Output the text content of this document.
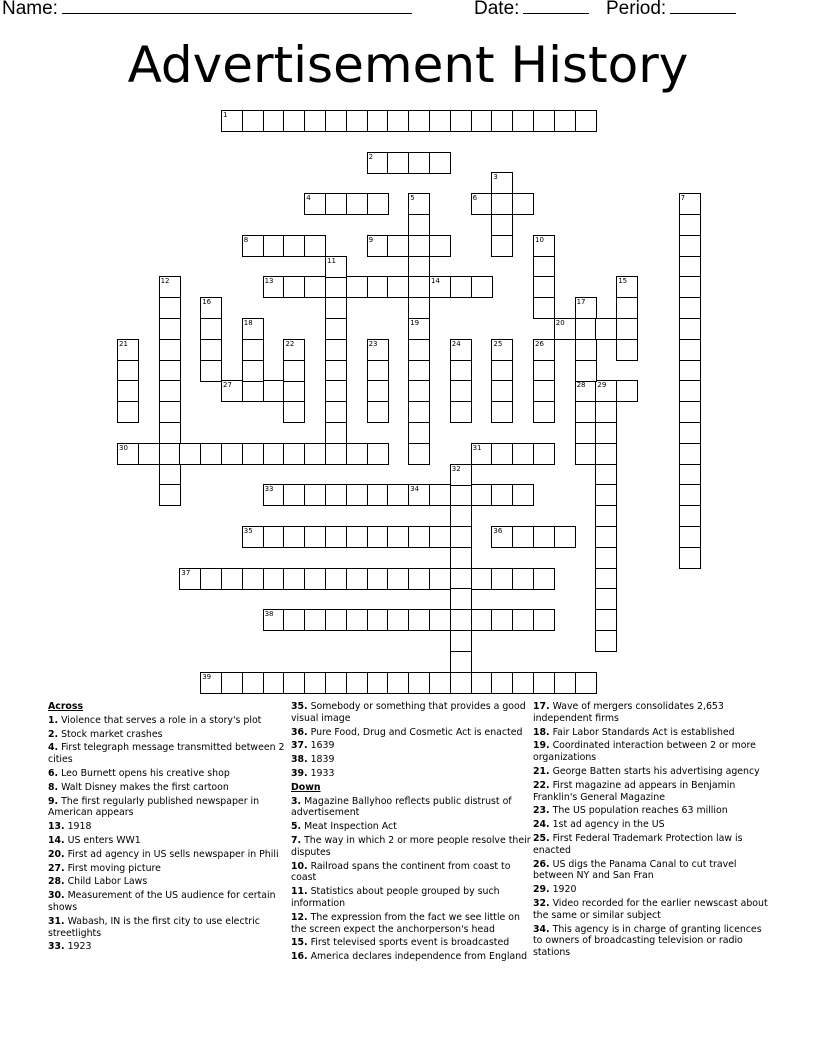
Name:	Date:	Period:
Advertisement History
1
2
3
4	5	6	7
8	9	10
11
12	13	14	15
16	17
18	19	20
21	22	23	24	25	26
27	28 29
30	31
32
33	34
35	36
37
38
39
Across
1. Violence that serves a role in a story's plot
2. Stock market crashes
4. First telegraph message transmitted between 2 cities
6. Leo Burnett opens his creative shop
8. Walt Disney makes the first cartoon
9. The first regularly published newspaper in American appears
13. 1918
14. US enters WW1
20. First ad agency in US sells newspaper in Phili
27. First moving picture
28. Child Labor Laws
30. Measurement of the US audience for certain shows
31. Wabash, IN is the first city to use electric streetlights
33. 1923
35. Somebody or something that provides a good visual image
36. Pure Food, Drug and Cosmetic Act is enacted
37. 1639
38. 1839
39. 1933
Down
3. Magazine Ballyhoo reflects public distrust of advertisement
5. Meat Inspection Act
7. The way in which 2 or more people resolve their disputes
10. Railroad spans the continent from coast to coast
11. Statistics about people grouped by such information
12. The expression from the fact we see little on the screen expect the anchorperson's head
15. First televised sports event is broadcasted
16. America declares independence from England
17. Wave of mergers consolidates 2,653 independent firms
18. Fair Labor Standards Act is established
19. Coordinated interaction between 2 or more organizations
21. George Batten starts his advertising agency
22. First magazine ad appears in Benjamin Franklin's General Magazine
23. The US population reaches 63 million
24. 1st ad agency in the US
25. First Federal Trademark Protection law is enacted
26. US digs the Panama Canal to cut travel between NY and San Fran
29. 1920
32. Video recorded for the earlier newscast about the same or similar subject
34. This agency is in charge of granting licences to owners of broadcasting television or radio stations
